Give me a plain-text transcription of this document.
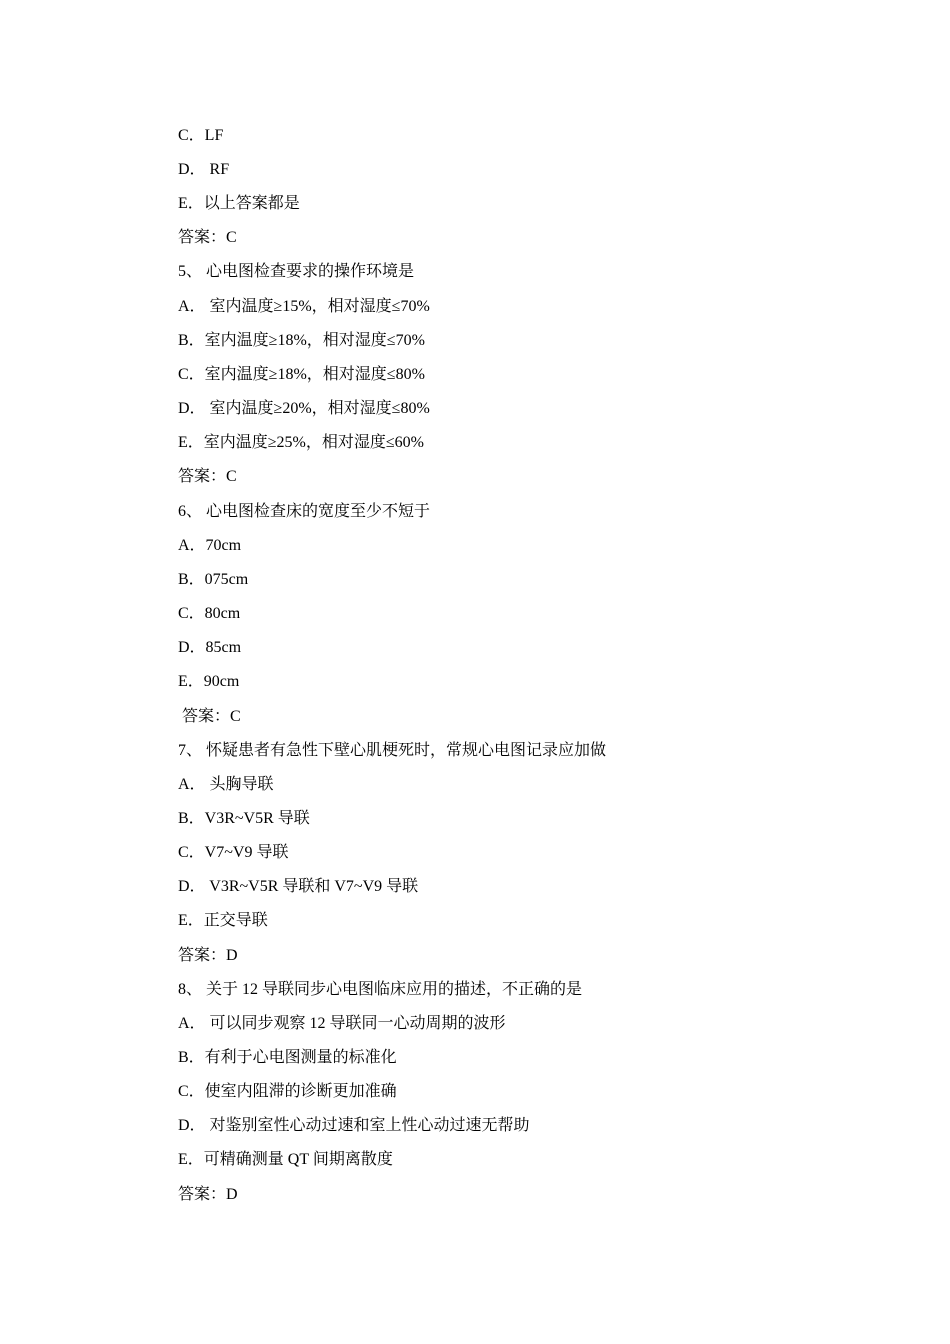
C．LF
D． RF
E．以上答案都是
答案：C
5、 心电图检查要求的操作环境是
A． 室内温度≥15%，相对湿度≤70%
B．室内温度≥18%，相对湿度≤70%
C．室内温度≥18%，相对湿度≤80%
D． 室内温度≥20%，相对湿度≤80%
E．室内温度≥25%，相对湿度≤60%
答案：C
6、 心电图检查床的宽度至少不短于
A．70cm
B．075cm
C．80cm
D．85cm
E．90cm
答案：C
7、 怀疑患者有急性下壁心肌梗死时，常规心电图记录应加做
A． 头胸导联
B．V3R~V5R 导联
C．V7~V9 导联
D． V3R~V5R 导联和 V7~V9 导联
E．正交导联
答案：D
8、 关于 12 导联同步心电图临床应用的描述，不正确的是
A． 可以同步观察 12 导联同一心动周期的波形
B．有利于心电图测量的标准化
C．使室内阻滞的诊断更加准确
D． 对鉴别室性心动过速和室上性心动过速无帮助
E．可精确测量 QT 间期离散度
答案：D
